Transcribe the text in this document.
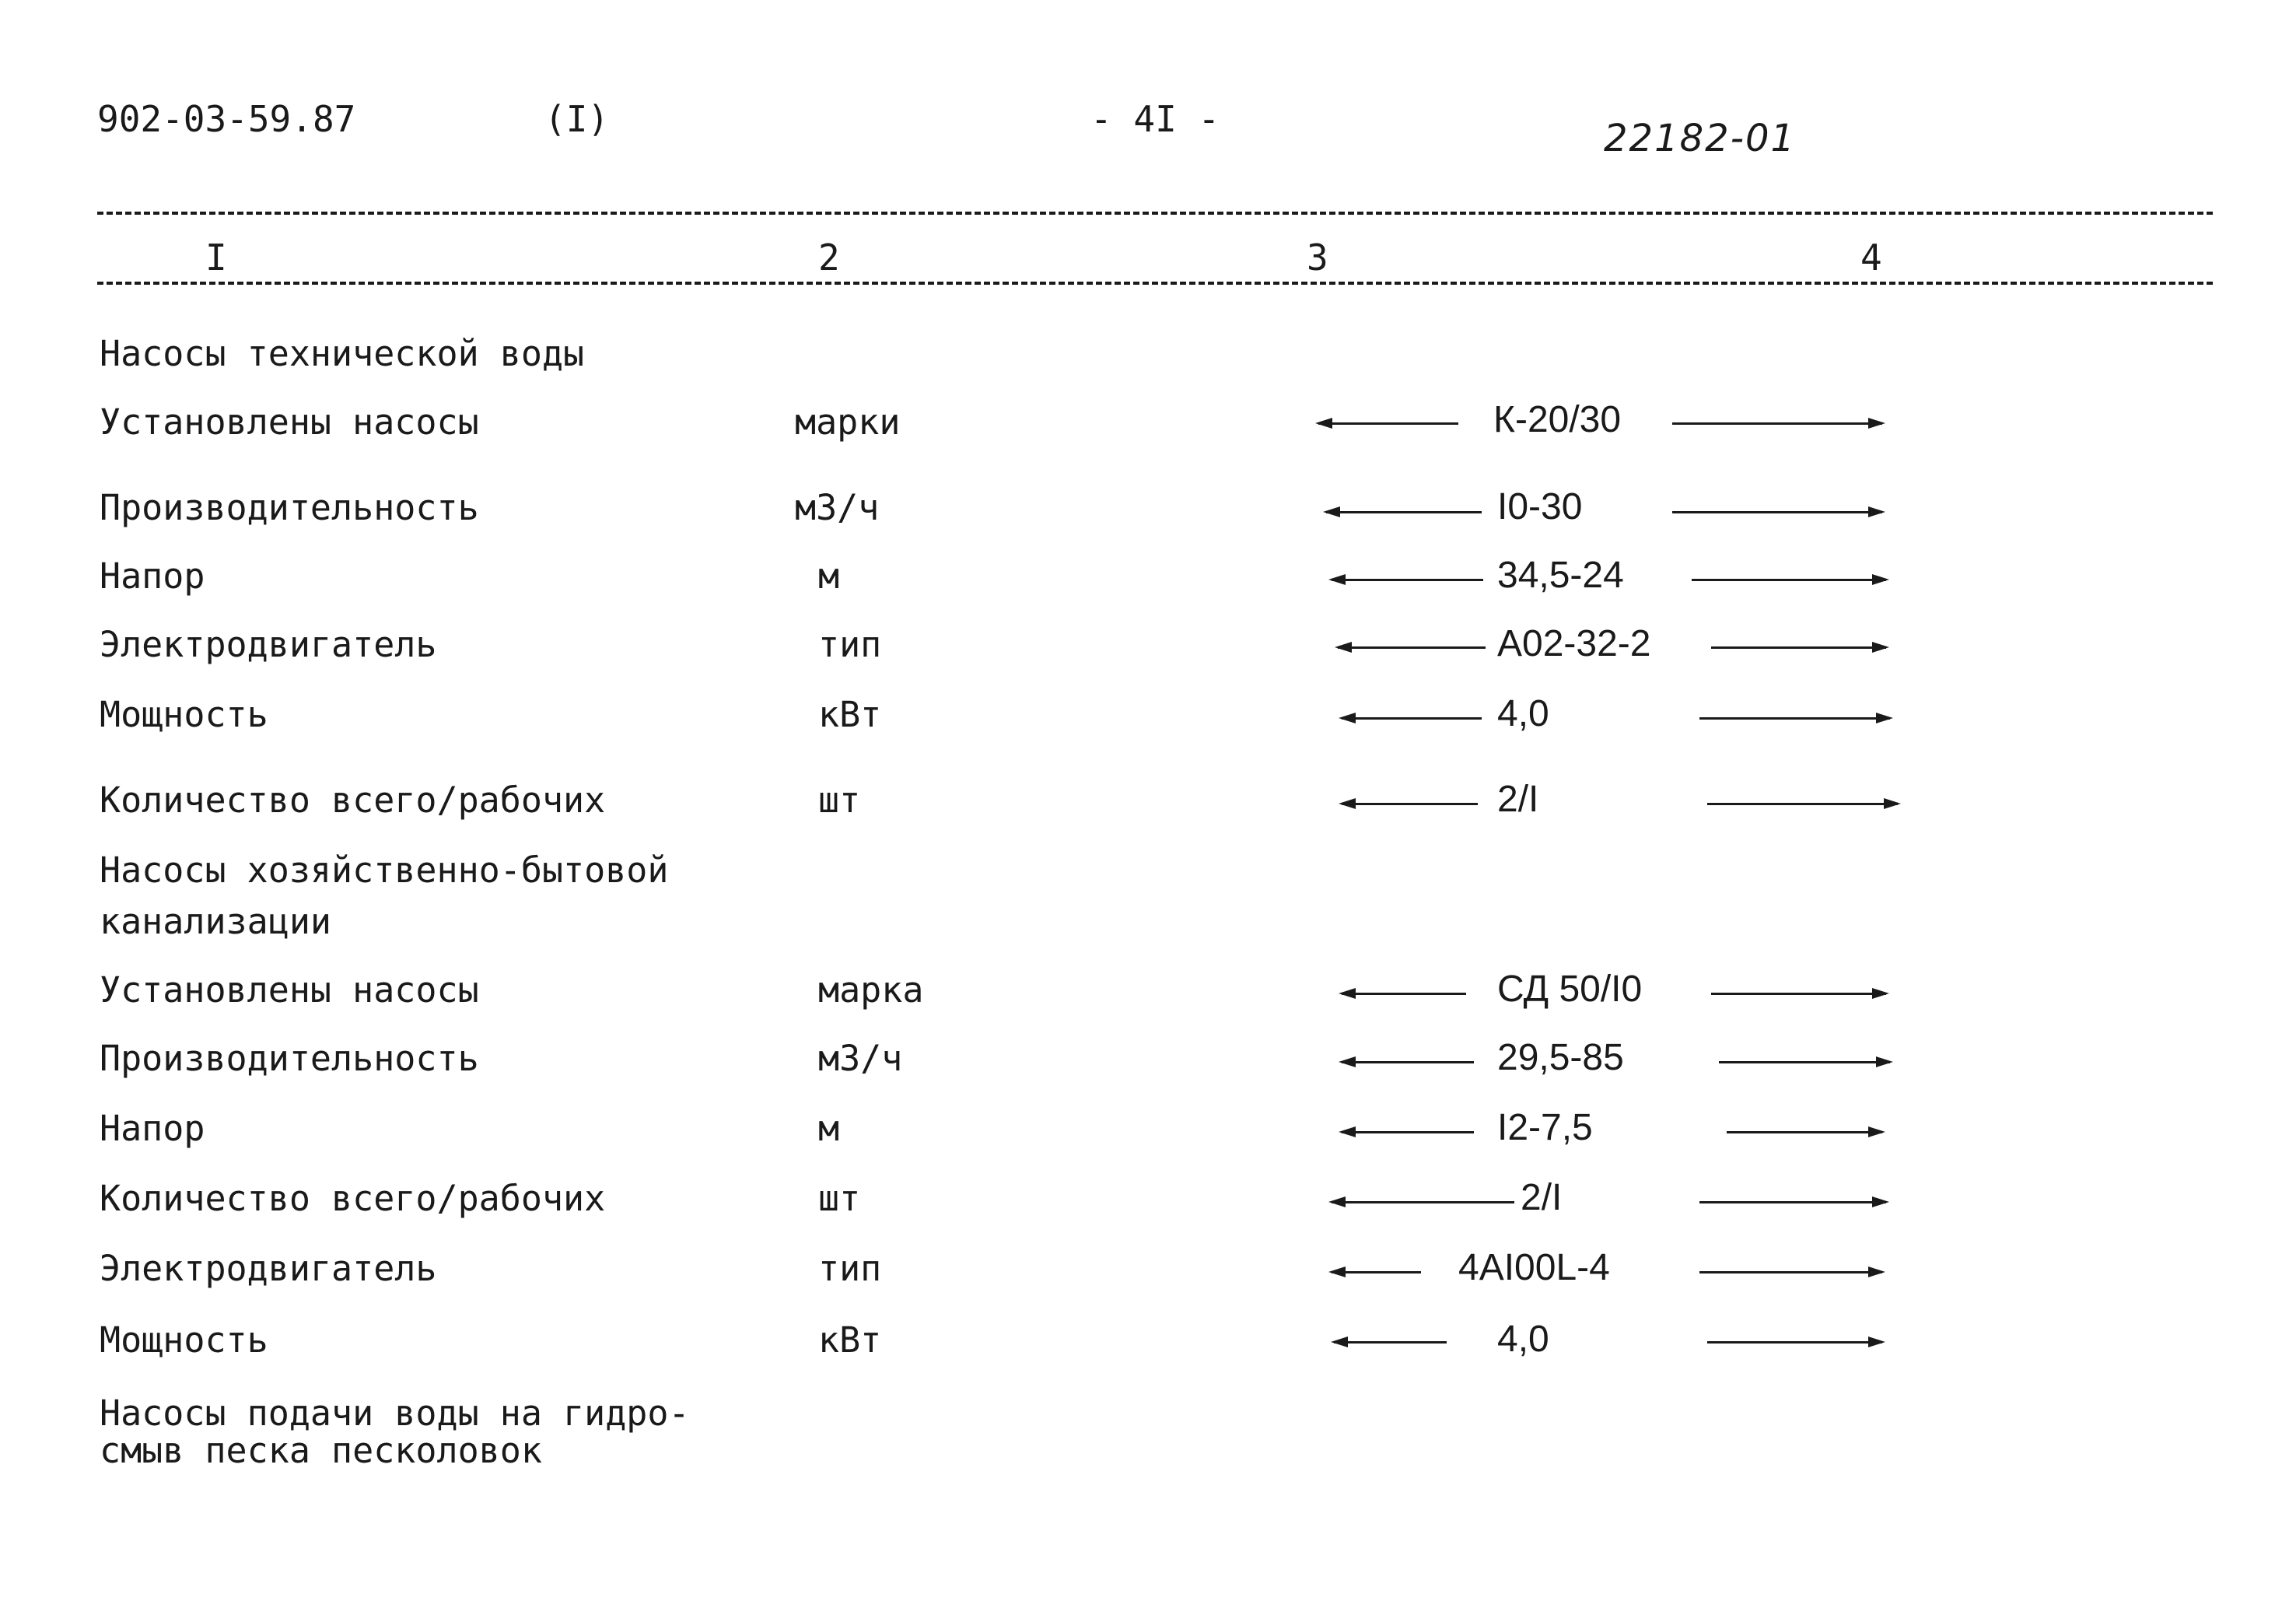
902-03-59.87	(I)	- 4I -	22182-01
I	2	3	4
Насосы технической воды
Установлены насосы	марки	К-20/30
Производительность	м3/ч	I0-30
Напор	м	34,5-24
Электродвигатель	тип	А02-32-2
Мощность	кВт	4,0
Количество всего/рабочих	шт	2/I
Насосы хозяйственно-бытовой
канализации
Установлены насосы	марка	СД 50/I0
Производительность	м3/ч	29,5-85
Напор	м	I2-7,5
Количество всего/рабочих	шт	2/I
Электродвигатель	тип	4АI00L-4
Мощность	кВт	4,0
Насосы подачи воды на гидро-
смыв песка песколовок
